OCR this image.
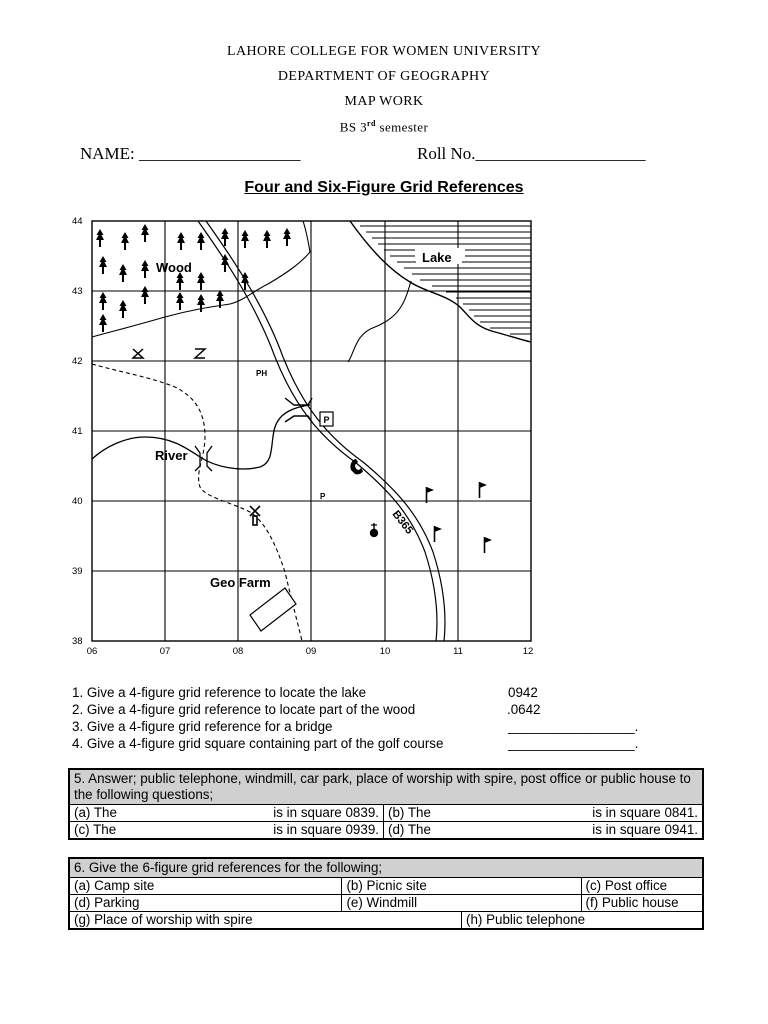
LAHORE COLLEGE FOR WOMEN UNIVERSITY
DEPARTMENT OF GEOGRAPHY
MAP WORK
BS 3rd semester
NAME: ___________________	Roll No.____________________
Four and Six-Figure Grid References
P
Wood
Lake
River
Geo Farm
PH
P
B365
44
43
42
41
40
39
38
06	07	08	09	10	11	12
1. Give a 4-figure grid reference to locate the lake	0942
2. Give a 4-figure grid reference to locate part of the wood	.0642
3. Give a 4-figure grid reference for a bridge	_________________.
4. Give a 4-figure grid square containing part of the golf course	_________________.
5. Answer; public telephone, windmill, car park, place of worship with spire, post office or public house to the following questions;	
(a) The is in square 0839.	(b) The is in square 0841.

(c) The is in square 0939.	(d) The is in square 0941.
6. Give the 6-figure grid references for the following;			
(a) Camp site	(b) Picnic site		(c) Post office
(d) Parking	(e) Windmill		(f) Public house
(g) Place of worship with spire		(h) Public telephone	
